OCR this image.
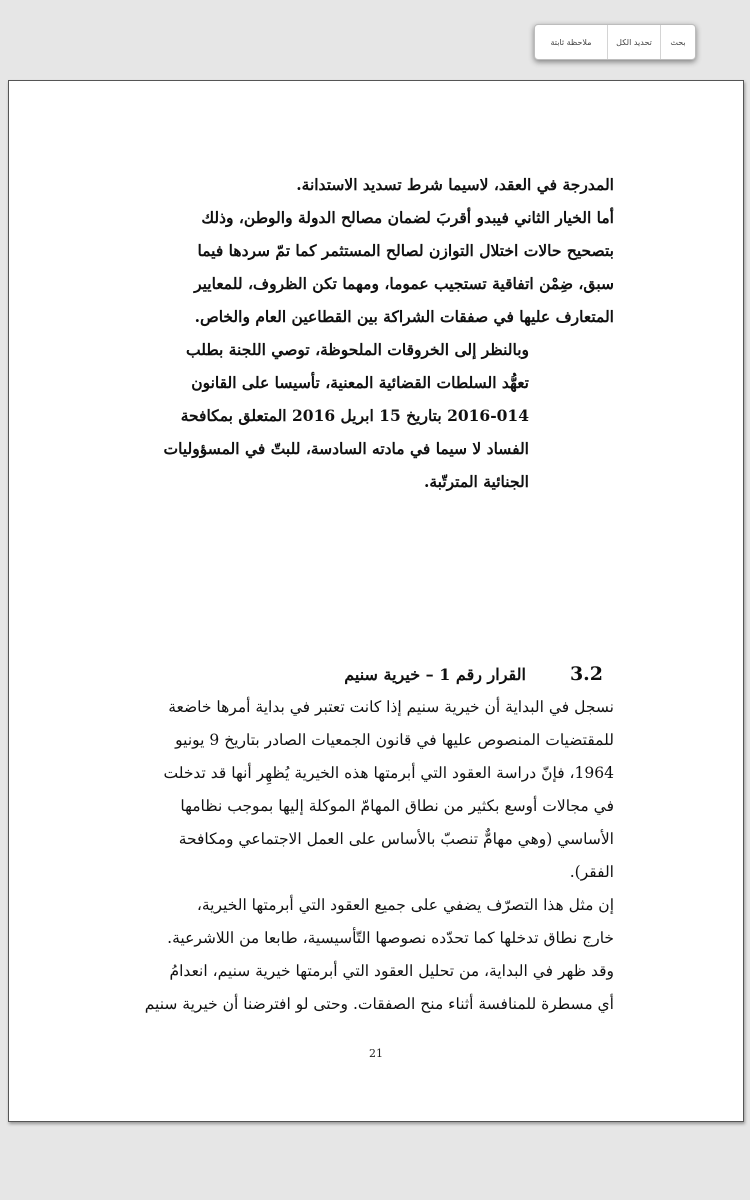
بحث
تحديد الكل
ملاحظة ثابتة
المدرجة في العقد، لاسيما شرط تسديد الاستدانة.
أما الخيار الثاني فيبدو أقربَ لضمان مصالح الدولة والوطن، وذلك
بتصحيح حالات اختلال التوازن لصالح المستثمر كما تمّ سردها فيما
سبق، ضِمْن اتفاقية تستجيب عموما، ومهما تكن الظروف، للمعايير
المتعارف عليها في صفقات الشراكة بين القطاعين العام والخاص.
وبالنظر إلى الخروقات الملحوظة، توصي اللجنة بطلب
تعهُّد السلطات القضائية المعنية، تأسيسا على القانون
2016-014 بتاريخ 15 ابريل 2016 المتعلق بمكافحة
الفساد لا سيما في مادته السادسة، للبتّ في المسؤوليات
الجنائية المترتّبة.
3.2القرار رقم 1 – خيرية سنيم
نسجل في البداية أن خيرية سنيم إذا كانت تعتبر في بداية أمرها خاضعة
للمقتضيات المنصوص عليها في قانون الجمعيات الصادر بتاريخ 9 يونيو
1964، فإنّ دراسة العقود التي أبرمتها هذه الخيرية يُظهِر أنها قد تدخلت
في مجالات أوسع بكثير من نطاق المهامّ الموكلة إليها بموجب نظامها
الأساسي (وهي مهامٌّ تنصبّ بالأساس على العمل الاجتماعي ومكافحة
الفقر).
إن مثل هذا التصرّف يضفي على جميع العقود التي أبرمتها الخيرية،
خارج نطاق تدخلها كما تحدّده نصوصها التّأسيسية، طابعا من اللاشرعية.
وقد ظهر في البداية، من تحليل العقود التي أبرمتها خيرية سنيم، انعدامُ
أي مسطرة للمنافسة أثناء منح الصفقات. وحتى لو افترضنا أن خيرية سنيم
21
